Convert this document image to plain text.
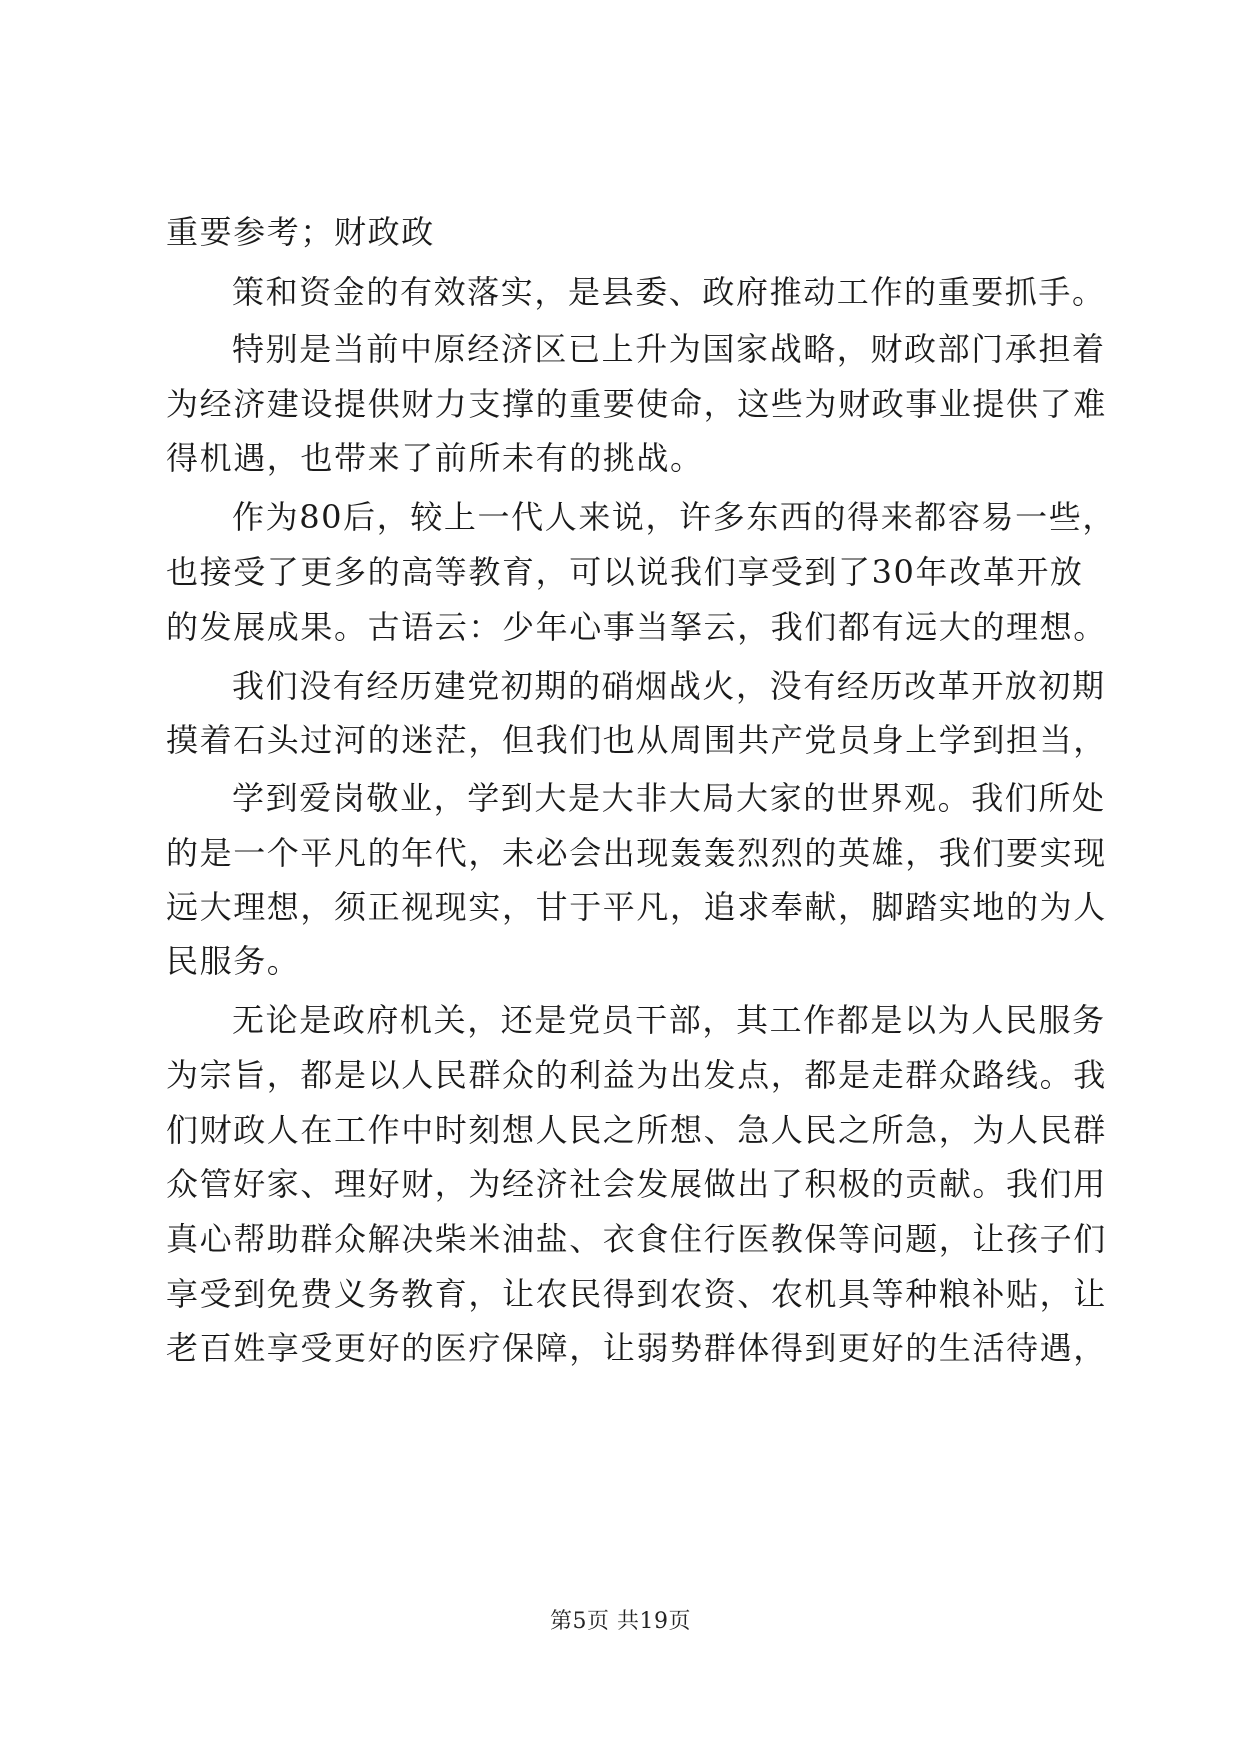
重要参考；财政政
策和资金的有效落实，是县委、政府推动工作的重要抓手。
特别是当前中原经济区已上升为国家战略，财政部门承担着
为经济建设提供财力支撑的重要使命，这些为财政事业提供了难
得机遇，也带来了前所未有的挑战。
作为80后，较上一代人来说，许多东西的得来都容易一些，
也接受了更多的高等教育，可以说我们享受到了30年改革开放
的发展成果。古语云：少年心事当拏云，我们都有远大的理想。
我们没有经历建党初期的硝烟战火，没有经历改革开放初期
摸着石头过河的迷茫，但我们也从周围共产党员身上学到担当，
学到爱岗敬业，学到大是大非大局大家的世界观。我们所处
的是一个平凡的年代，未必会出现轰轰烈烈的英雄，我们要实现
远大理想，须正视现实，甘于平凡，追求奉献，脚踏实地的为人
民服务。
无论是政府机关，还是党员干部，其工作都是以为人民服务
为宗旨，都是以人民群众的利益为出发点，都是走群众路线。我
们财政人在工作中时刻想人民之所想、急人民之所急，为人民群
众管好家、理好财，为经济社会发展做出了积极的贡献。我们用
真心帮助群众解决柴米油盐、衣食住行医教保等问题，让孩子们
享受到免费义务教育，让农民得到农资、农机具等种粮补贴，让
老百姓享受更好的医疗保障，让弱势群体得到更好的生活待遇，
第5页 共19页
